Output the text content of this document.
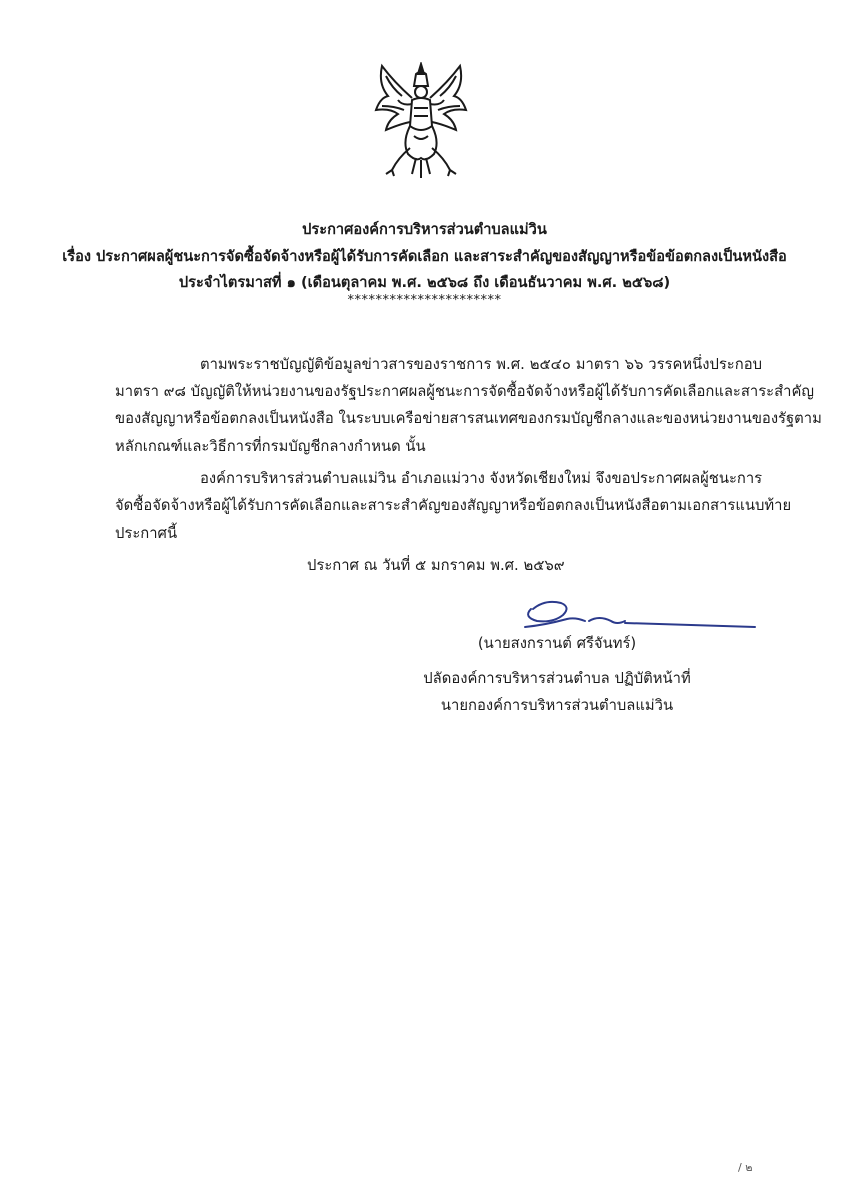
ประกาศองค์การบริหารส่วนตำบลแม่วิน
เรื่อง ประกาศผลผู้ชนะการจัดซื้อจัดจ้างหรือผู้ได้รับการคัดเลือก และสาระสำคัญของสัญญาหรือข้อข้อตกลงเป็นหนังสือ
ประจำไตรมาสที่ ๑ (เดือนตุลาคม พ.ศ. ๒๕๖๘ ถึง เดือนธันวาคม พ.ศ. ๒๕๖๘)
**********************
ตามพระราชบัญญัติข้อมูลข่าวสารของราชการ พ.ศ. ๒๕๔๐ มาตรา ๖๖ วรรคหนึ่งประกอบ
มาตรา ๙๘ บัญญัติให้หน่วยงานของรัฐประกาศผลผู้ชนะการจัดซื้อจัดจ้างหรือผู้ได้รับการคัดเลือกและสาระสำคัญ
ของสัญญาหรือข้อตกลงเป็นหนังสือ ในระบบเครือข่ายสารสนเทศของกรมบัญชีกลางและของหน่วยงานของรัฐตาม
หลักเกณฑ์และวิธีการที่กรมบัญชีกลางกำหนด นั้น
องค์การบริหารส่วนตำบลแม่วิน อำเภอแม่วาง จังหวัดเชียงใหม่ จึงขอประกาศผลผู้ชนะการ
จัดซื้อจัดจ้างหรือผู้ได้รับการคัดเลือกและสาระสำคัญของสัญญาหรือข้อตกลงเป็นหนังสือตามเอกสารแนบท้าย
ประกาศนี้
ประกาศ ณ วันที่ ๕ มกราคม พ.ศ. ๒๕๖๙
(นายสงกรานต์ ศรีจันทร์)
ปลัดองค์การบริหารส่วนตำบล ปฏิบัติหน้าที่
นายกองค์การบริหารส่วนตำบลแม่วิน
/ ๒
